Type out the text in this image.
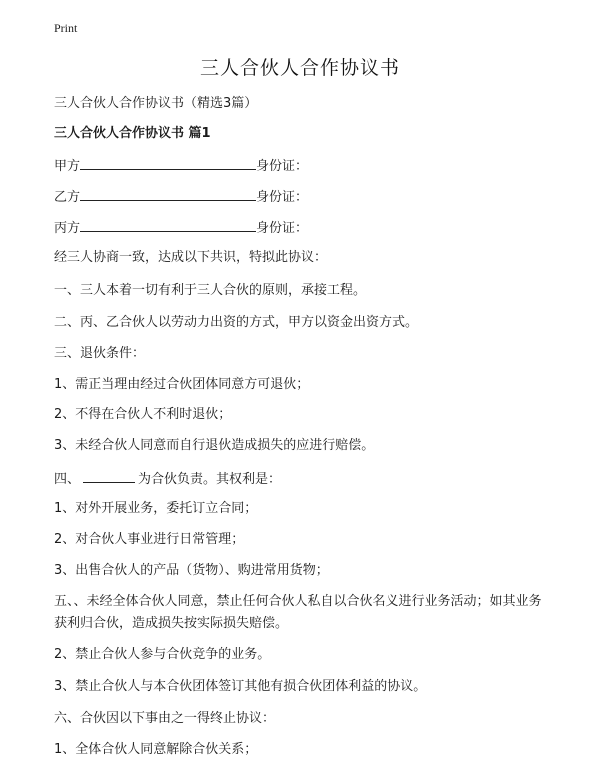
Print
三人合伙人合作协议书
三人合伙人合作协议书（精选3篇）
三人合伙人合作协议书 篇1
甲方	身份证：
乙方	身份证：
丙方	身份证：
经三人协商一致，达成以下共识，特拟此协议：
一、三人本着一切有利于三人合伙的原则，承接工程。
二、丙、乙合伙人以劳动力出资的方式，甲方以资金出资方式。
三、退伙条件：
1、需正当理由经过合伙团体同意方可退伙；
2、不得在合伙人不利时退伙；
3、未经合伙人同意而自行退伙造成损失的应进行赔偿。
四、	为合伙负责。其权利是：
1、对外开展业务，委托订立合同；
2、对合伙人事业进行日常管理；
3、出售合伙人的产品（货物）、购进常用货物；
五、、未经全体合伙人同意，禁止任何合伙人私自以合伙名义进行业务活动；如其业务获利归合伙，造成损失按实际损失赔偿。
2、禁止合伙人参与合伙竞争的业务。
3、禁止合伙人与本合伙团体签订其他有损合伙团体利益的协议。
六、合伙因以下事由之一得终止协议：
1、全体合伙人同意解除合伙关系；
